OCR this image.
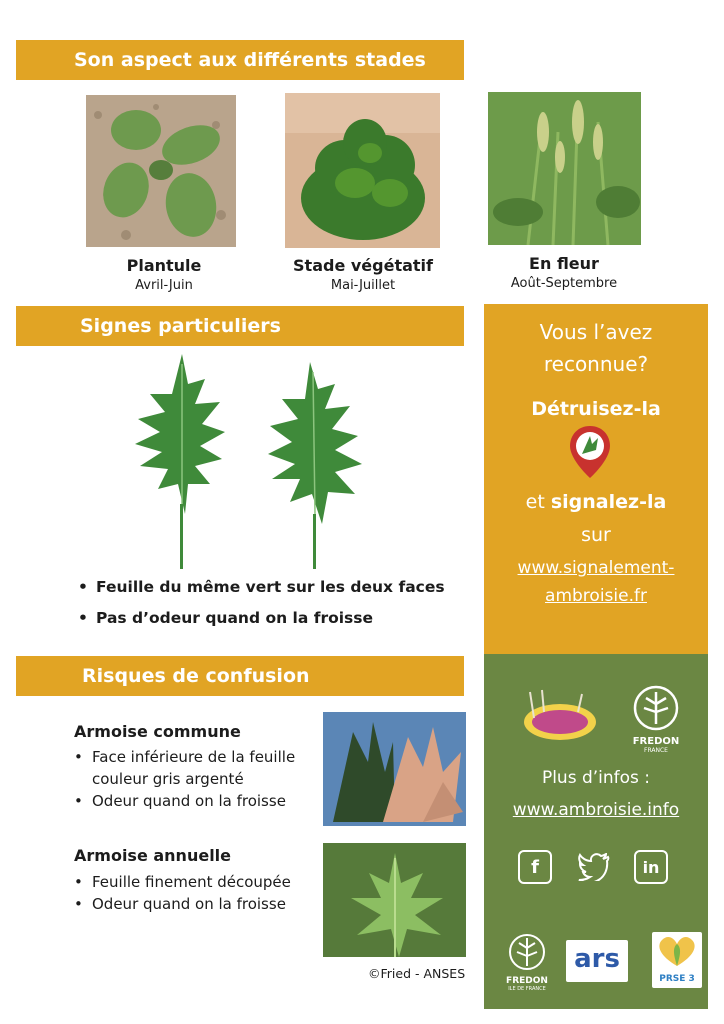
Son aspect aux différents stades
Plantule
Avril-Juin
Stade végétatif
Mai-Juillet
En fleur
Août-Septembre
Signes particuliers
• Feuille du même vert sur les deux faces
• Pas d’odeur quand on la froisse
Risques de confusion
Armoise commune
• Face inférieure de la feuille couleur gris argenté
• Odeur quand on la froisse
Armoise annuelle
• Feuille finement découpée
• Odeur quand on la froisse
©Fried - ANSES
Vous l’avez
reconnue?
Détruisez-la
et signalez-la
sur
www.signalement-
ambroisie.fr
FREDON
FRANCE
Plus d’infos :
www.ambroisie.info
f	in
FREDON
ILE DE FRANCE
ars
PRSE 3
